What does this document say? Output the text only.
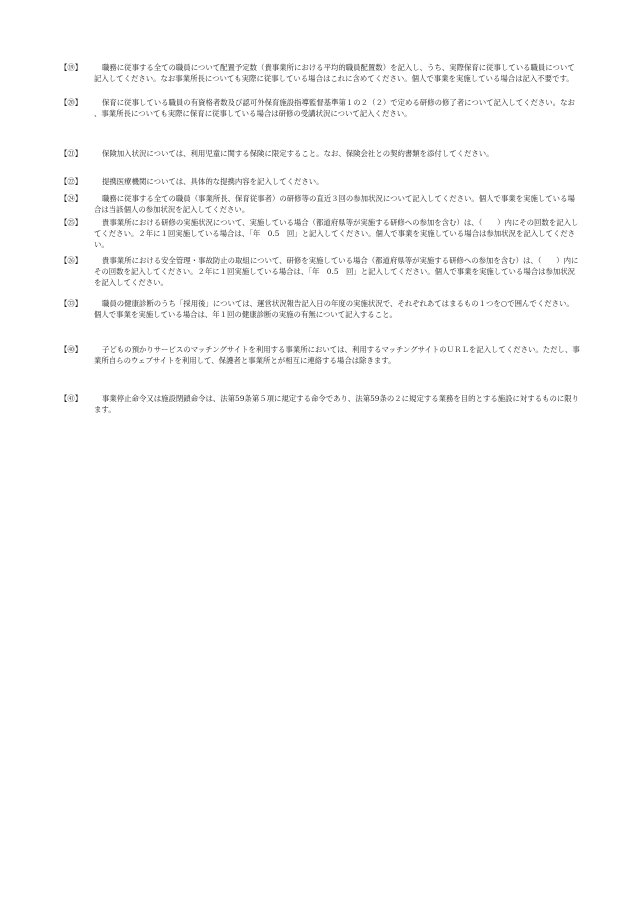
【⑲】	職務に従事する全ての職員について配置予定数（貴事業所における平均的職員配置数）を記入し、うち、実際保育に従事している職員について記入してください。なお事業所長についても実際に従事している場合はこれに含めてください。個人で事業を実施している場合は記入不要です。
【⑳】	保育に従事している職員の有資格者数及び認可外保育施設指導監督基準第１の２（２）で定める研修の修了者について記入してください。なお、事業所長についても実際に保育に従事している場合は研修の受講状況について記入ください。
【㉑】	保険加入状況については、利用児童に関する保険に限定すること。なお、保険会社との契約書類を添付してください。
【㉒】	提携医療機関については、具体的な提携内容を記入してください。
【㉔】	職務に従事する全ての職員（事業所長、保育従事者）の研修等の直近３回の参加状況について記入してください。個人で事業を実施している場合は当該個人の参加状況を記入してください。
【㉕】	貴事業所における研修の実施状況について、実施している場合（都道府県等が実施する研修への参加を含む）は、（　　）内にその回数を記入してください。２年に１回実施している場合は、「年　0.5　回」と記入してください。個人で事業を実施している場合は参加状況を記入してください。
【㉖】	貴事業所における安全管理・事故防止の取組について、研修を実施している場合（都道府県等が実施する研修への参加を含む）は、（　　）内にその回数を記入してください。２年に１回実施している場合は、「年　0.5　回」と記入してください。個人で事業を実施している場合は参加状況を記入してください。
【㉝】	職員の健康診断のうち「採用後」については、運営状況報告記入日の年度の実施状況で、それぞれあてはまるもの１つを○で囲んでください。個人で事業を実施している場合は、年１回の健康診断の実施の有無について記入すること。
【㊵】	子どもの預かりサービスのマッチングサイトを利用する事業所においては、利用するマッチングサイトのＵＲＬを記入してください。ただし、事業所自らのウェブサイトを利用して、保護者と事業所とが相互に連絡する場合は除きます。
【㊶】	事業停止命令又は施設閉鎖命令は、法第59条第５項に規定する命令であり、法第59条の２に規定する業務を目的とする施設に対するものに限ります。
